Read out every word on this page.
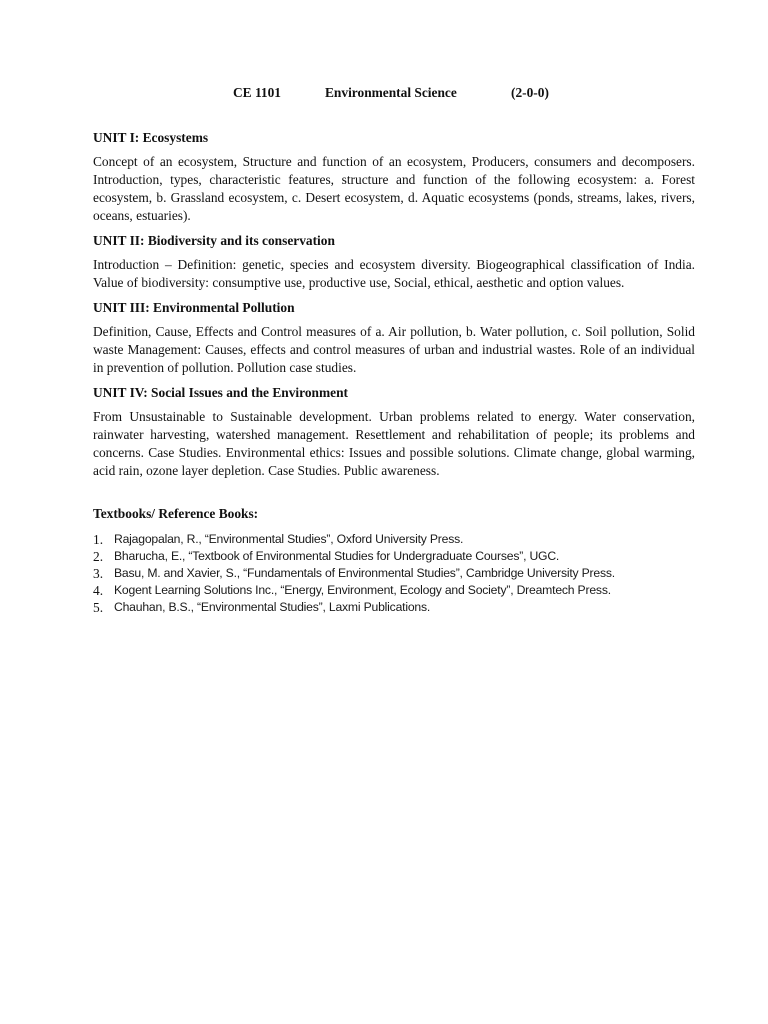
CE 1101	Environmental Science	(2-0-0)

UNIT I: Ecosystems

Concept of an ecosystem, Structure and function of an ecosystem, Producers, consumers and decomposers. Introduction, types, characteristic features, structure and function of the following ecosystem: a. Forest ecosystem, b. Grassland ecosystem, c. Desert ecosystem, d. Aquatic ecosystems (ponds, streams, lakes, rivers, oceans, estuaries).

UNIT II: Biodiversity and its conservation

Introduction – Definition: genetic, species and ecosystem diversity. Biogeographical classification of India. Value of biodiversity: consumptive use, productive use, Social, ethical, aesthetic and option values.

UNIT III: Environmental Pollution

Definition, Cause, Effects and Control measures of a. Air pollution, b. Water pollution, c. Soil pollution, Solid waste Management: Causes, effects and control measures of urban and industrial wastes. Role of an individual in prevention of pollution. Pollution case studies.

UNIT IV: Social Issues and the Environment

From Unsustainable to Sustainable development. Urban problems related to energy. Water conservation, rainwater harvesting, watershed management. Resettlement and rehabilitation of people; its problems and concerns. Case Studies. Environmental ethics: Issues and possible solutions. Climate change, global warming, acid rain, ozone layer depletion. Case Studies. Public awareness.

Textbooks/ Reference Books:

1. Rajagopalan, R., “Environmental Studies”, Oxford University Press.
2. Bharucha, E., “Textbook of Environmental Studies for Undergraduate Courses”, UGC.
3. Basu, M. and Xavier, S., “Fundamentals of Environmental Studies”, Cambridge University Press.
4. Kogent Learning Solutions Inc., “Energy, Environment, Ecology and Society”, Dreamtech Press.
5. Chauhan, B.S., “Environmental Studies”, Laxmi Publications.
